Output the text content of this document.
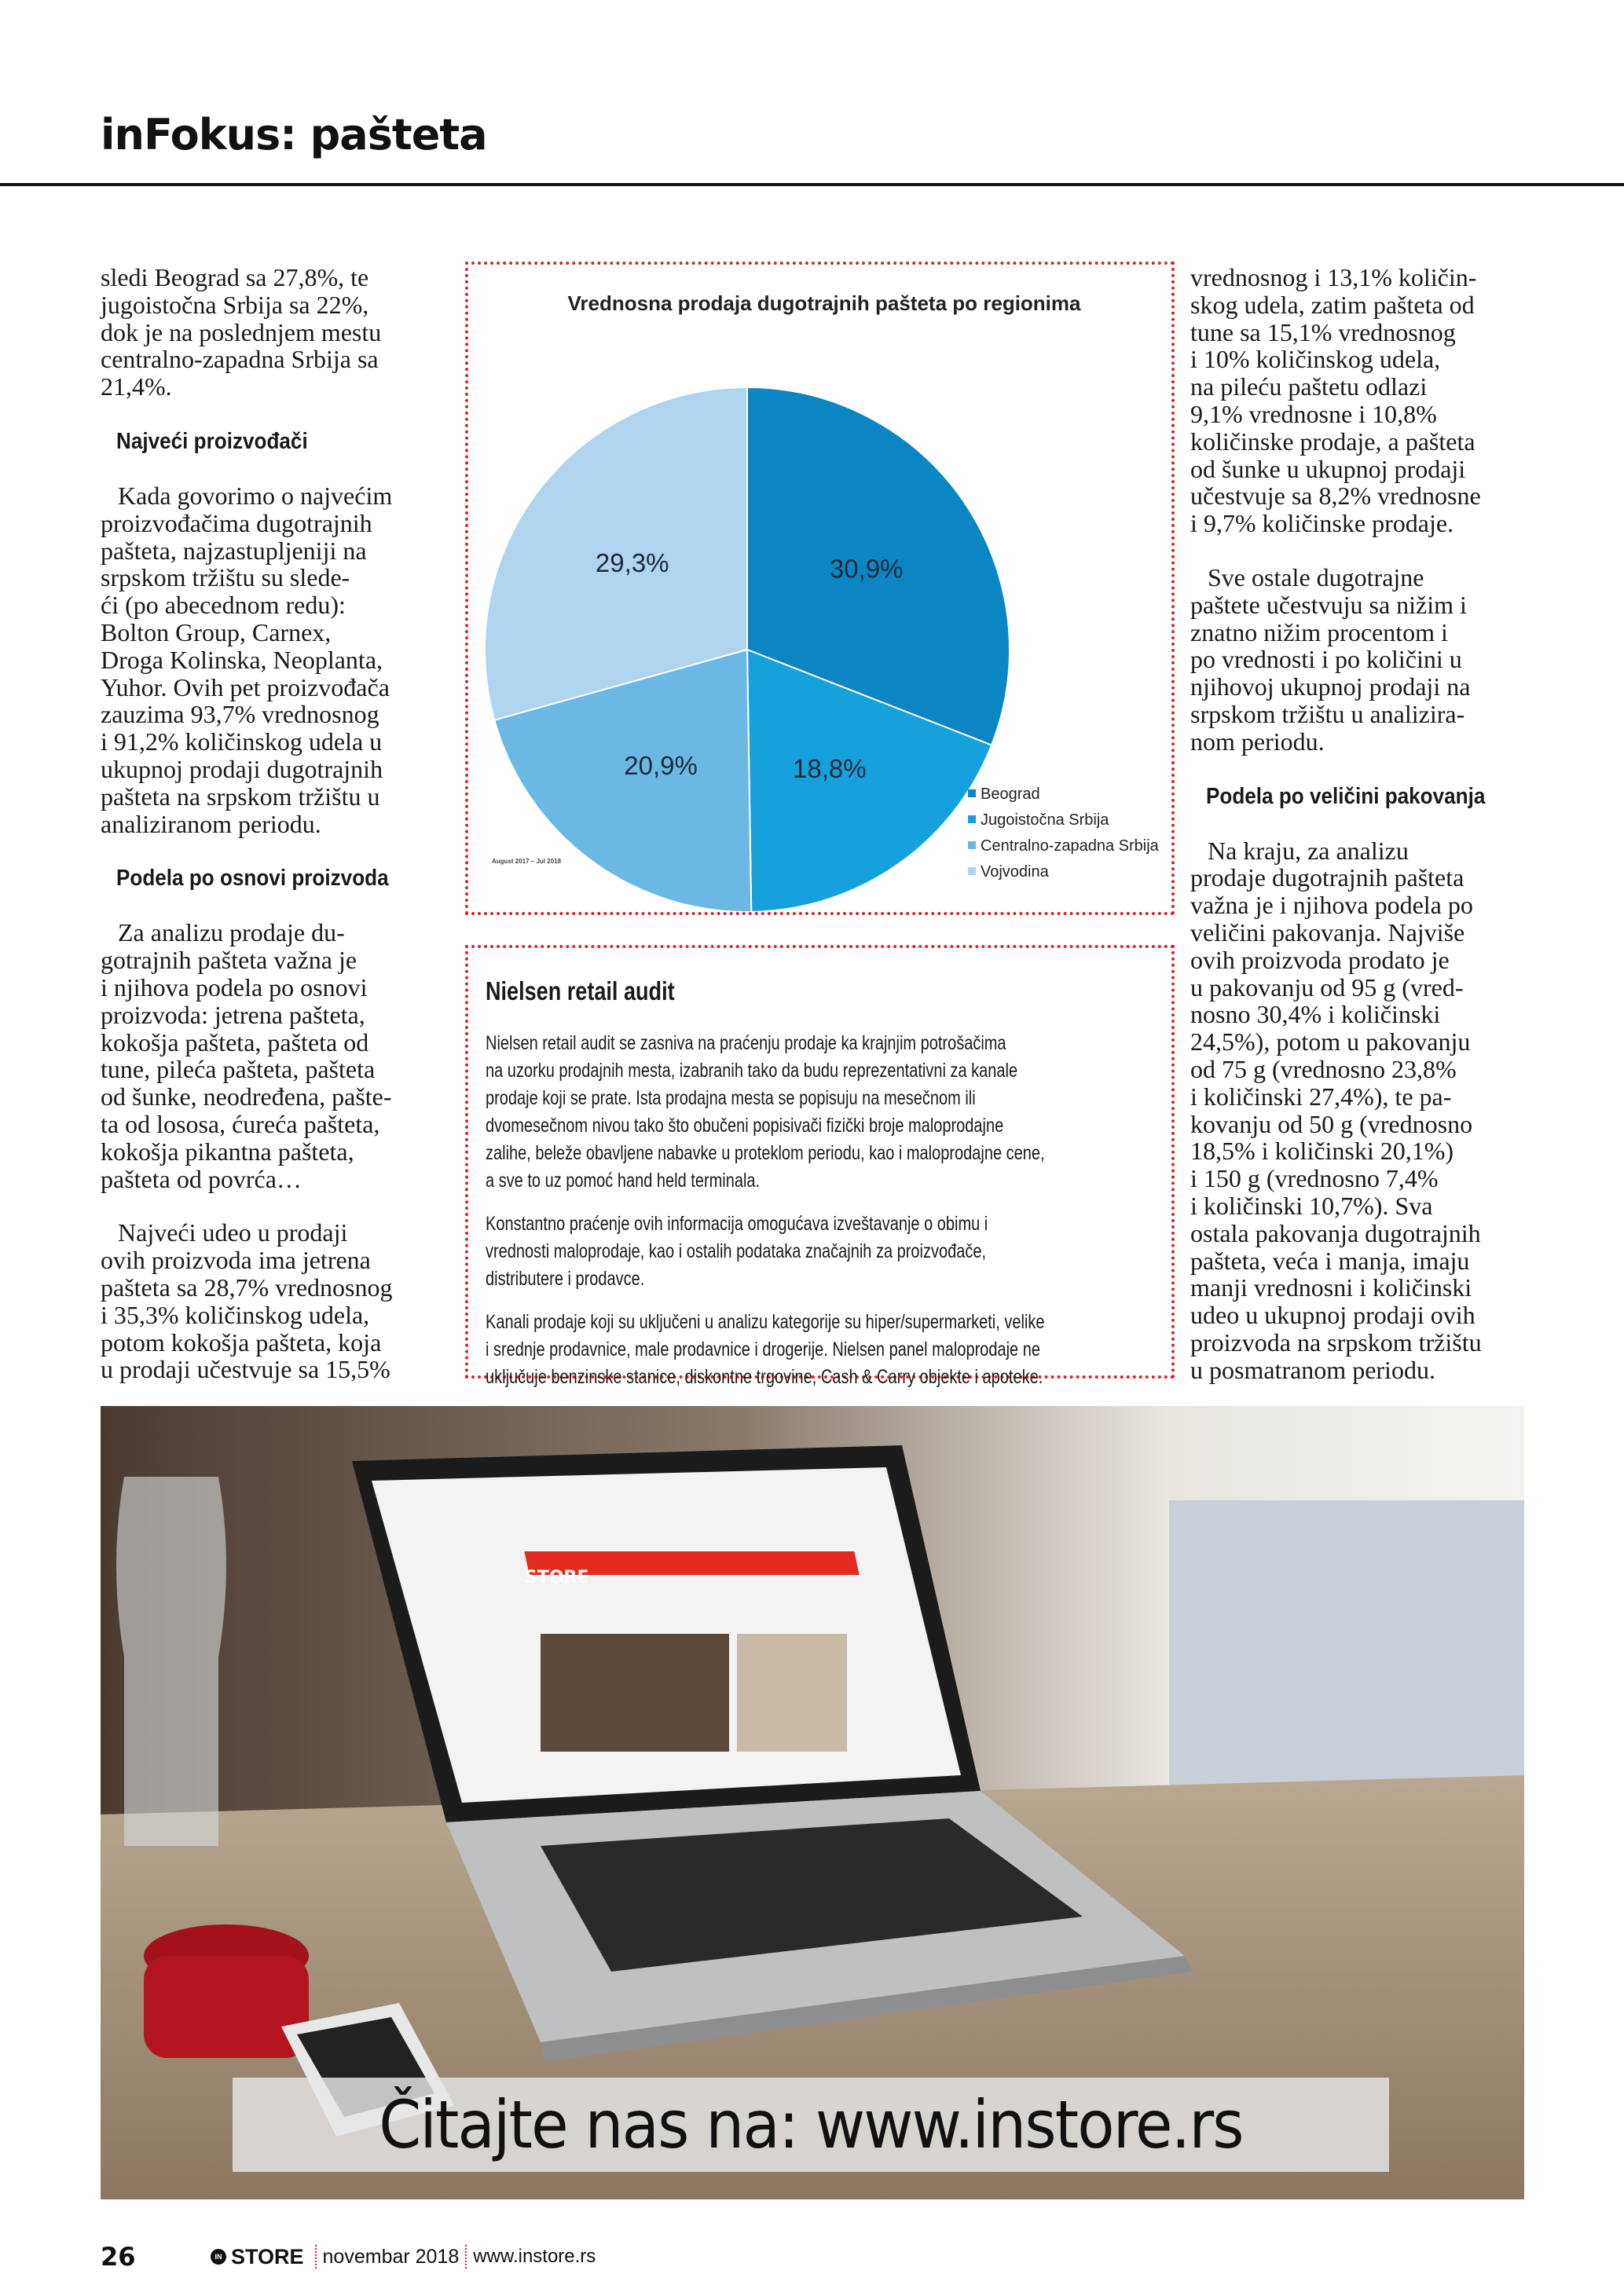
inFokus: pašteta

sledi Beograd sa 27,8%, te
jugoistočna Srbija sa 22%,
dok je na poslednjem mestu
centralno-zapadna Srbija sa
21,4%.

Najveći proizvođači

Kada govorimo o najvećim
proizvođačima dugotrajnih
pašteta, najzastupljeniji na
srpskom tržištu su slede-
ći (po abecednom redu):
Bolton Group, Carnex,
Droga Kolinska, Neoplanta,
Yuhor. Ovih pet proizvođača
zauzima 93,7% vrednosnog
i 91,2% količinskog udela u
ukupnoj prodaji dugotrajnih
pašteta na srpskom tržištu u
analiziranom periodu.

Podela po osnovi proizvoda

Za analizu prodaje du-
gotrajnih pašteta važna je
i njihova podela po osnovi
proizvoda: jetrena pašteta,
kokošja pašteta, pašteta od
tune, pileća pašteta, pašteta
od šunke, neodređena, pašte-
ta od lososa, ćureća pašteta,
kokošja pikantna pašteta,
pašteta od povrća…

Najveći udeo u prodaji
ovih proizvoda ima jetrena
pašteta sa 28,7% vrednosnog
i 35,3% količinskog udela,
potom kokošja pašteta, koja
u prodaji učestvuje sa 15,5%

vrednosnog i 13,1% količin-
skog udela, zatim pašteta od
tune sa 15,1% vrednosnog
i 10% količinskog udela,
na pileću paštetu odlazi
9,1% vrednosne i 10,8%
količinske prodaje, a pašteta
od šunke u ukupnoj prodaji
učestvuje sa 8,2% vrednosne
i 9,7% količinske prodaje.

Sve ostale dugotrajne
paštete učestvuju sa nižim i
znatno nižim procentom i
po vrednosti i po količini u
njihovoj ukupnoj prodaji na
srpskom tržištu u analizira-
nom periodu.

Podela po veličini pakovanja

Na kraju, za analizu
prodaje dugotrajnih pašteta
važna je i njihova podela po
veličini pakovanja. Najviše
ovih proizvoda prodato je
u pakovanju od 95 g (vred-
nosno 30,4% i količinski
24,5%), potom u pakovanju
od 75 g (vrednosno 23,8%
i količinski 27,4%), te pa-
kovanju od 50 g (vrednosno
18,5% i količinski 20,1%)
i 150 g (vrednosno 7,4%
i količinski 10,7%). Sva
ostala pakovanja dugotrajnih
pašteta, veća i manja, imaju
manji vrednosni i količinski
udeo u ukupnoj prodaji ovih
proizvoda na srpskom tržištu
u posmatranom periodu.

Vrednosna prodaja dugotrajnih pašteta po regionima
30,9%
18,8%
20,9%
29,3%
Beograd
Jugoistočna Srbija
Centralno-zapadna Srbija
Vojvodina
August 2017 – Jul 2018
Nielsen retail audit
Nielsen retail audit se zasniva na praćenju prodaje ka krajnjim potrošačima
na uzorku prodajnih mesta, izabranih tako da budu reprezentativni za kanale
prodaje koji se prate. Ista prodajna mesta se popisuju na mesečnom ili
dvomesečnom nivou tako što obučeni popisivači fizički broje maloprodajne
zalihe, beleže obavljene nabavke u proteklom periodu, kao i maloprodajne cene,
a sve to uz pomoć hand held terminala.
Konstantno praćenje ovih informacija omogućava izveštavanje o obimu i
vrednosti maloprodaje, kao i ostalih podataka značajnih za proizvođače,
distributere i prodavce.
Kanali prodaje koji su uključeni u analizu kategorije su hiper/supermarketi, velike
i srednje prodavnice, male prodavnice i drogerije. Nielsen panel maloprodaje ne
uključuje benzinske stanice, diskontne trgovine, Cash & Carry objekte i apoteke.
STORE
Čitajte nas na: www.instore.rs
26	IN STORE novembar 2018 www.instore.rs
